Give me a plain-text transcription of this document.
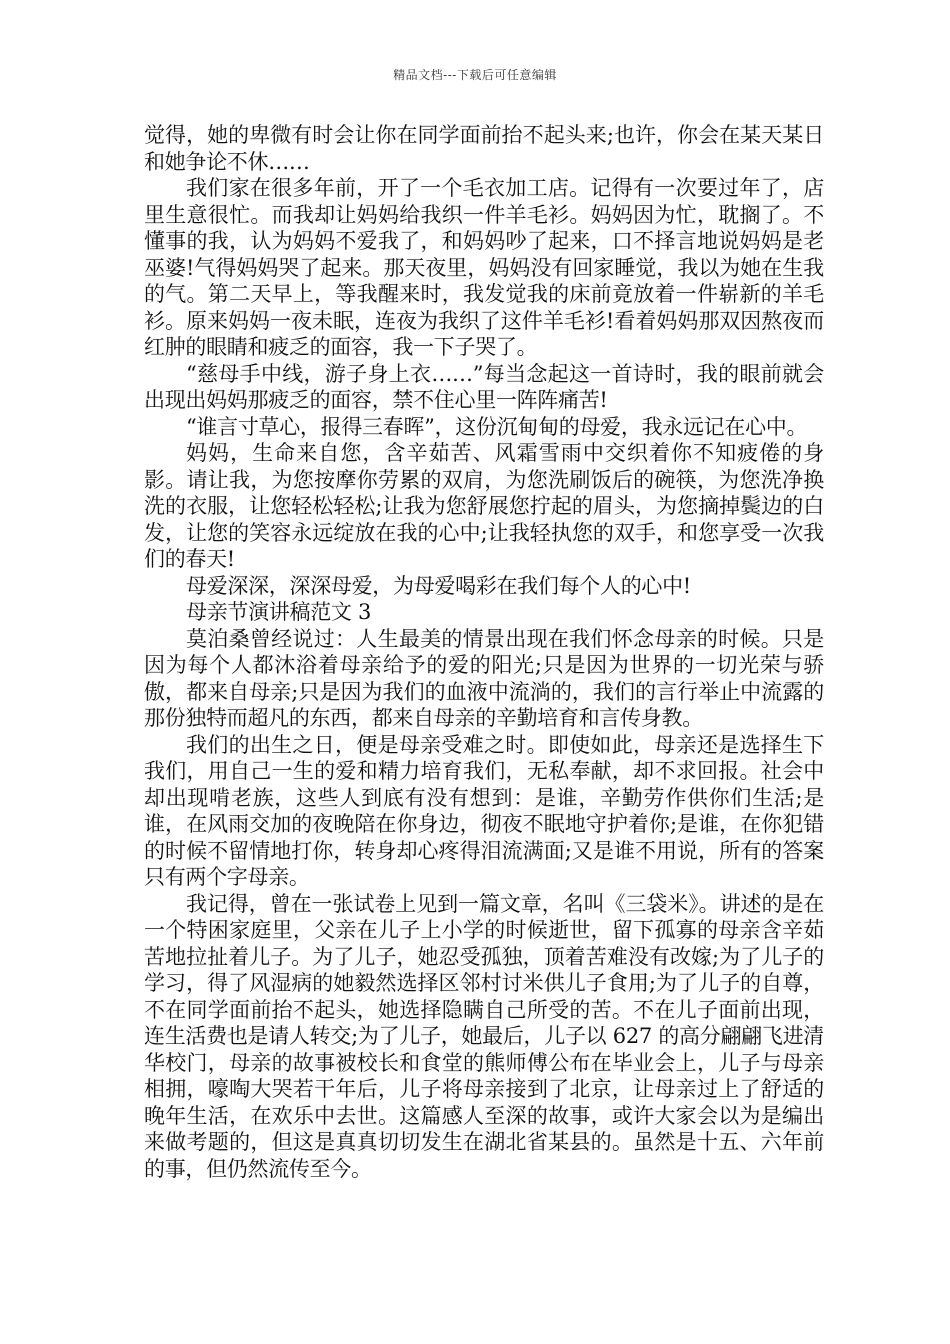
精品文档---下载后可任意编辑

觉得，她的卑微有时会让你在同学面前抬不起头来;也许，你会在某天某日和她争论不休……

我们家在很多年前，开了一个毛衣加工店。记得有一次要过年了，店里生意很忙。而我却让妈妈给我织一件羊毛衫。妈妈因为忙，耽搁了。不懂事的我，认为妈妈不爱我了，和妈妈吵了起来，口不择言地说妈妈是老巫婆!气得妈妈哭了起来。那天夜里，妈妈没有回家睡觉，我以为她在生我的气。第二天早上，等我醒来时，我发觉我的床前竟放着一件崭新的羊毛衫。原来妈妈一夜未眠，连夜为我织了这件羊毛衫!看着妈妈那双因熬夜而红肿的眼睛和疲乏的面容，我一下子哭了。

“慈母手中线，游子身上衣……”每当念起这一首诗时，我的眼前就会出现出妈妈那疲乏的面容，禁不住心里一阵阵痛苦!

“谁言寸草心，报得三春晖”，这份沉甸甸的母爱，我永远记在心中。

妈妈，生命来自您，含辛茹苦、风霜雪雨中交织着你不知疲倦的身影。请让我，为您按摩你劳累的双肩，为您洗刷饭后的碗筷，为您洗净换洗的衣服，让您轻松轻松;让我为您舒展您拧起的眉头，为您摘掉鬓边的白发，让您的笑容永远绽放在我的心中;让我轻执您的双手，和您享受一次我们的春天!

母爱深深，深深母爱，为母爱喝彩在我们每个人的心中!

母亲节演讲稿范文 3

莫泊桑曾经说过：人生最美的情景出现在我们怀念母亲的时候。只是因为每个人都沐浴着母亲给予的爱的阳光;只是因为世界的一切光荣与骄傲，都来自母亲;只是因为我们的血液中流淌的，我们的言行举止中流露的那份独特而超凡的东西，都来自母亲的辛勤培育和言传身教。

我们的出生之日，便是母亲受难之时。即使如此，母亲还是选择生下我们，用自己一生的爱和精力培育我们，无私奉献，却不求回报。社会中却出现啃老族，这些人到底有没有想到：是谁，辛勤劳作供你们生活;是谁，在风雨交加的夜晚陪在你身边，彻夜不眠地守护着你;是谁，在你犯错的时候不留情地打你，转身却心疼得泪流满面;又是谁不用说，所有的答案只有两个字母亲。

我记得，曾在一张试卷上见到一篇文章，名叫《三袋米》。讲述的是在一个特困家庭里，父亲在儿子上小学的时候逝世，留下孤寡的母亲含辛茹苦地拉扯着儿子。为了儿子，她忍受孤独，顶着苦难没有改嫁;为了儿子的学习，得了风湿病的她毅然选择区邻村讨米供儿子食用;为了儿子的自尊，不在同学面前抬不起头，她选择隐瞒自己所受的苦。不在儿子面前出现，连生活费也是请人转交;为了儿子，她最后，儿子以 627 的高分翩翩飞进清华校门，母亲的故事被校长和食堂的熊师傅公布在毕业会上，儿子与母亲相拥，嚎啕大哭若干年后，儿子将母亲接到了北京，让母亲过上了舒适的晚年生活，在欢乐中去世。这篇感人至深的故事，或许大家会以为是编出来做考题的，但这是真真切切发生在湖北省某县的。虽然是十五、六年前的事，但仍然流传至今。
